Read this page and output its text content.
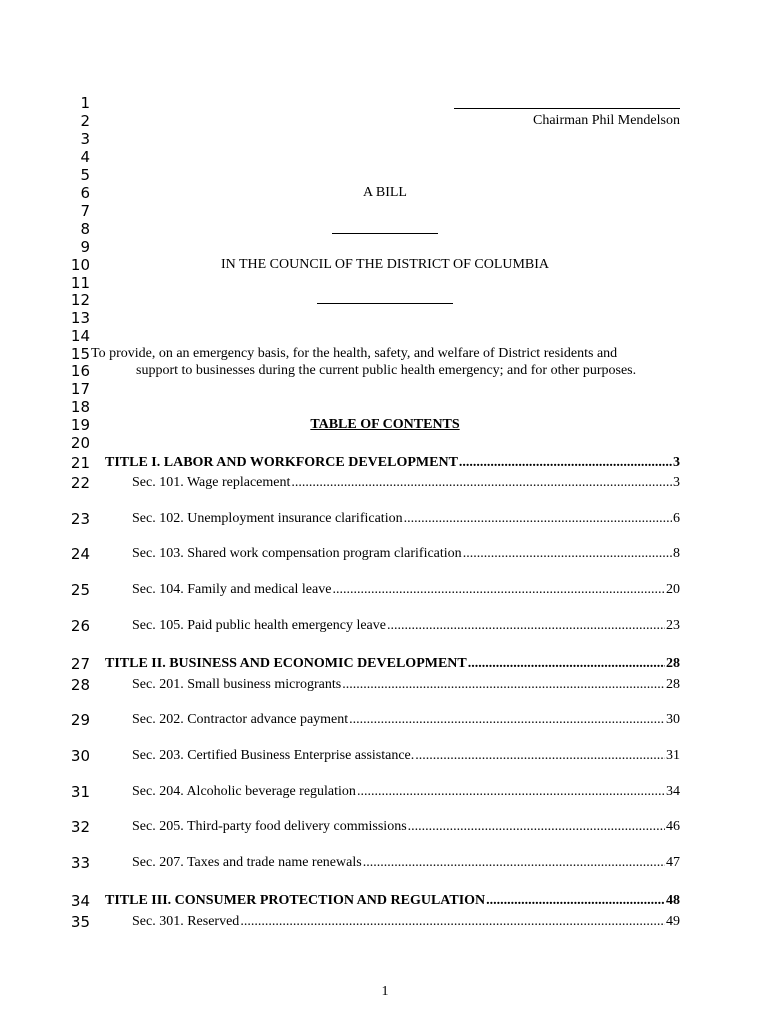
1
2
3
4
5
6
7
8
9
10
11
12
13
14
15
16
17
18
19
20
Chairman Phil Mendelson
A BILL
IN THE COUNCIL OF THE DISTRICT OF COLUMBIA
To provide, on an emergency basis, for the health, safety, and welfare of District residents and
support to businesses during the current public health emergency; and for other purposes.
TABLE OF CONTENTS
21 TITLE I. LABOR AND WORKFORCE DEVELOPMENT .....	3
22	Sec. 101. Wage replacement .....	3
23	Sec. 102. Unemployment insurance clarification .....	6
24	Sec. 103. Shared work compensation program clarification .....	8
25	Sec. 104. Family and medical leave .....	20
26	Sec. 105. Paid public health emergency leave .....	23
27 TITLE II. BUSINESS AND ECONOMIC DEVELOPMENT .....	28
28	Sec. 201. Small business microgrants .....	28
29	Sec. 202. Contractor advance payment .....	30
30	Sec. 203. Certified Business Enterprise assistance. .....	31
31	Sec. 204. Alcoholic beverage regulation .....	34
32	Sec. 205. Third-party food delivery commissions .....	46
33	Sec. 207. Taxes and trade name renewals .....	47
34 TITLE III. CONSUMER PROTECTION AND REGULATION .....	48
35	Sec. 301. Reserved .....	49
1
